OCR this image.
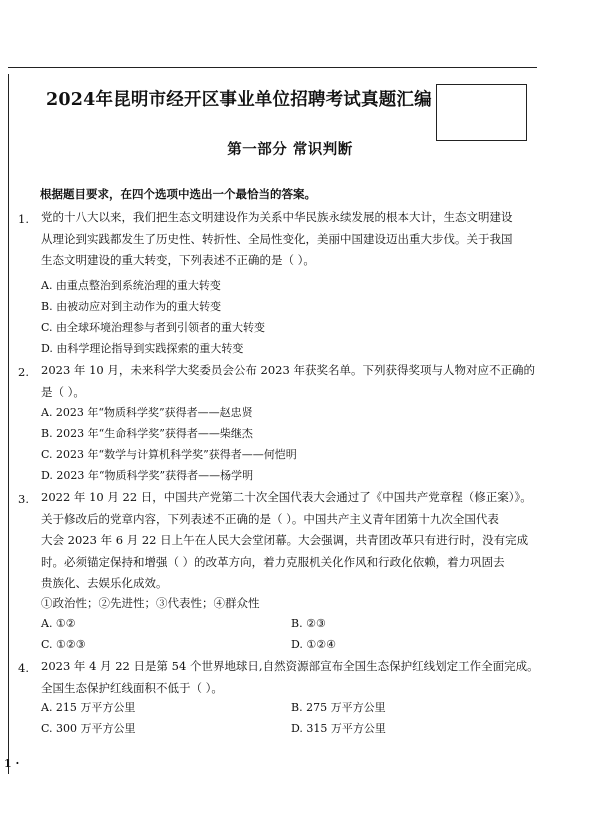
2024年昆明市经开区事业单位招聘考试真题汇编
第一部分 常识判断
根据题目要求，在四个选项中选出一个最恰当的答案。
1. 党的十八大以来，我们把生态文明建设作为关系中华民族永续发展的根本大计，生态文明建设

从理论到实践都发生了历史性、转折性、全局性变化，美丽中国建设迈出重大步伐。关于我国

生态文明建设的重大转变，下列表述不正确的是（ ）。

A. 由重点整治到系统治理的重大转变
B. 由被动应对到主动作为的重大转变
C. 由全球环境治理参与者到引领者的重大转变
D. 由科学理论指导到实践探索的重大转变
2. 2023 年 10 月，未来科学大奖委员会公布 2023 年获奖名单。下列获得奖项与人物对应不正确的

是（ ）。

A. 2023 年“物质科学奖”获得者——赵忠贤
B. 2023 年“生命科学奖”获得者——柴继杰
C. 2023 年“数学与计算机科学奖”获得者——何恺明
D. 2023 年“物质科学奖”获得者——杨学明
3. 2022 年 10 月 22 日，中国共产党第二十次全国代表大会通过了《中国共产党章程（修正案）》。

关于修改后的党章内容，下列表述不正确的是（ ）。中国共产主义青年团第十九次全国代表

大会 2023 年 6 月 22 日上午在人民大会堂闭幕。大会强调，共青团改革只有进行时，没有完成

时。必须锚定保持和增强（ ）的改革方向，着力克服机关化作风和行政化依赖，着力巩固去

贵族化、去娱乐化成效。

①政治性；②先进性；③代表性；④群众性
A. ①②	B. ②③
C. ①②③	D. ①②④
4. 2023 年 4 月 22 日是第 54 个世界地球日,自然资源部宣布全国生态保护红线划定工作全面完成。

全国生态保护红线面积不低于（ ）。

A. 215 万平方公里	B. 275 万平方公里
C. 300 万平方公里	D. 315 万平方公里
1 ·
